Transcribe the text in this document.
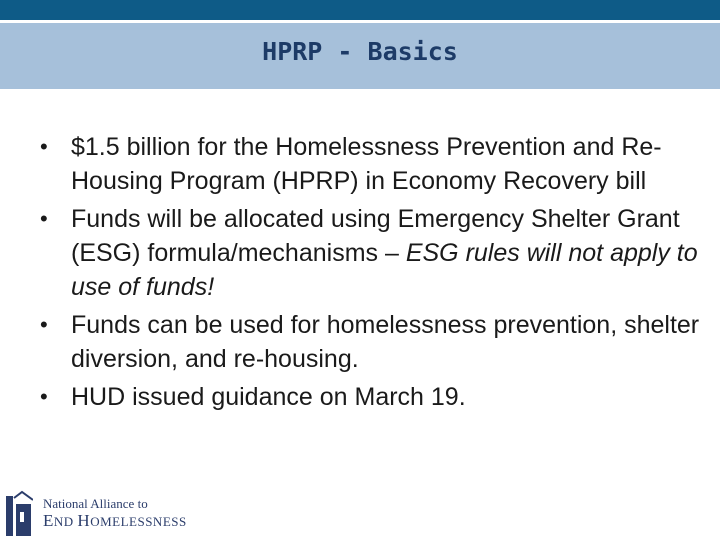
HPRP - Basics
• $1.5 billion for the Homelessness Prevention and Re-Housing Program (HPRP) in Economy Recovery bill
• Funds will be allocated using Emergency Shelter Grant (ESG) formula/mechanisms – ESG rules will not apply to use of funds!
• Funds can be used for homelessness prevention, shelter diversion, and re-housing.
• HUD issued guidance on March 19.
National Alliance to
END HOMELESSNESS
